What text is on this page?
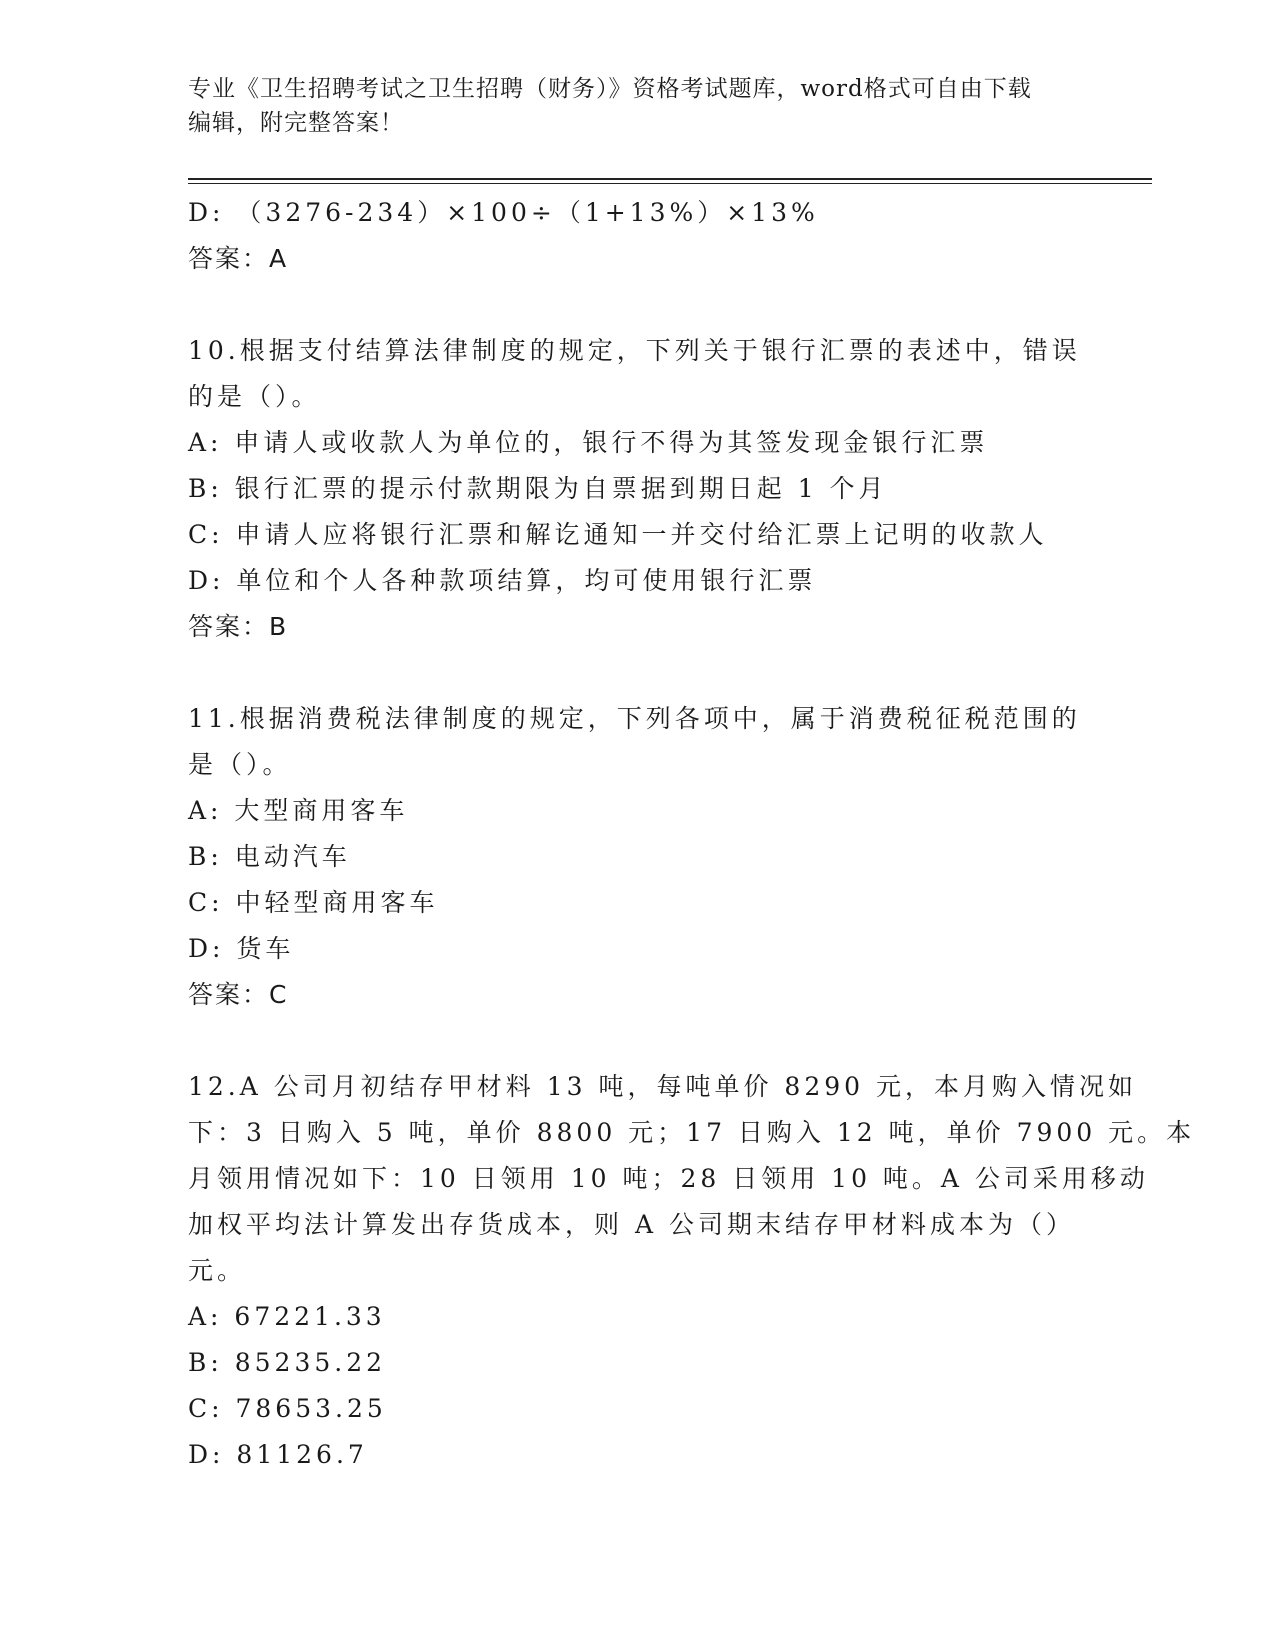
专业《卫生招聘考试之卫生招聘（财务）》资格考试题库，word格式可自由下载
编辑，附完整答案！
D: （3276-234）×100÷（1+13%）×13%
答案：A
10.根据支付结算法律制度的规定，下列关于银行汇票的表述中，错误
的是（）。
A: 申请人或收款人为单位的，银行不得为其签发现金银行汇票
B: 银行汇票的提示付款期限为自票据到期日起 1 个月
C: 申请人应将银行汇票和解讫通知一并交付给汇票上记明的收款人
D: 单位和个人各种款项结算，均可使用银行汇票
答案：B
11.根据消费税法律制度的规定，下列各项中，属于消费税征税范围的
是（）。
A: 大型商用客车
B: 电动汽车
C: 中轻型商用客车
D: 货车
答案：C
12.A 公司月初结存甲材料 13 吨，每吨单价 8290 元，本月购入情况如
下：3 日购入 5 吨，单价 8800 元；17 日购入 12 吨，单价 7900 元。本
月领用情况如下：10 日领用 10 吨；28 日领用 10 吨。A 公司采用移动
加权平均法计算发出存货成本，则 A 公司期末结存甲材料成本为（）
元。
A: 67221.33
B: 85235.22
C: 78653.25
D: 81126.7
